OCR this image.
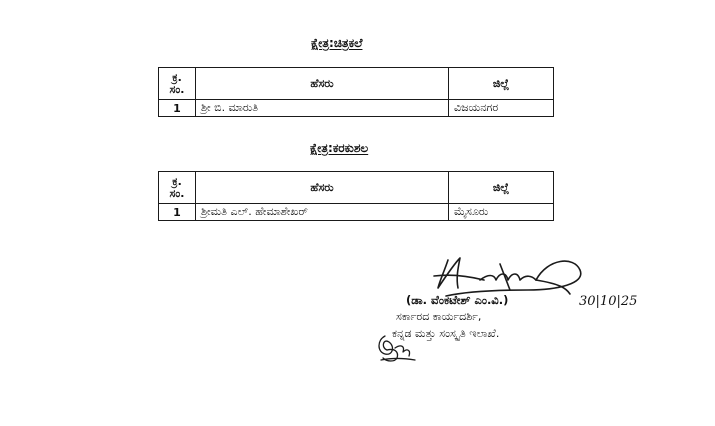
ಕ್ಷೇತ್ರ:ಚಿತ್ರಕಲೆ
ಕ್ರ.
ಸಂ.	ಹೆಸರು	ಜಿಲ್ಲೆ
1	ಶ್ರೀ ಬಿ. ಮಾರುತಿ	ವಿಜಯನಗರ
ಕ್ಷೇತ್ರ:ಕರಕುಶಲ
ಕ್ರ.
ಸಂ.	ಹೆಸರು	ಜಿಲ್ಲೆ
1	ಶ್ರೀಮತಿ ಎಲ್. ಹೇಮಾಶೇಖರ್	ಮೈಸೂರು
(ಡಾ. ವೆಂಕಟೇಶ್ ಎಂ.ವಿ.)	30|10|25
ಸರ್ಕಾರದ ಕಾರ್ಯದರ್ಶಿ,
ಕನ್ನಡ ಮತ್ತು ಸಂಸ್ಕೃತಿ ಇಲಾಖೆ.
